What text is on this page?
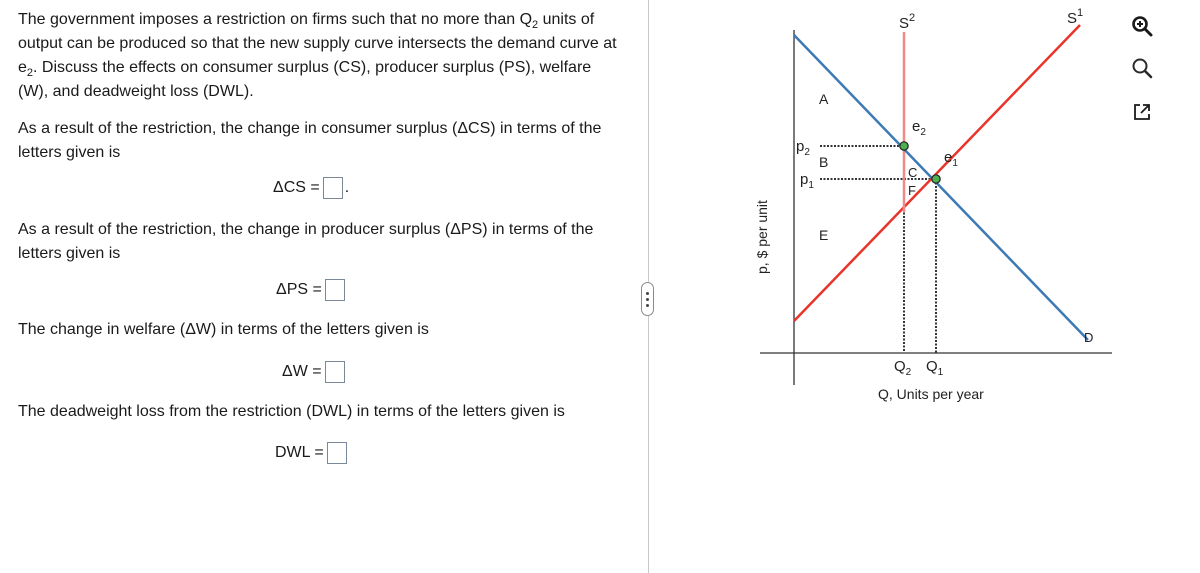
The government imposes a restriction on firms such that no more than $Q_2$ units of output can be produced so that the new supply curve intersects the demand curve at $e_2$. Discuss the effects on consumer surplus (CS), producer surplus (PS), welfare (W), and deadweight loss (DWL).

As a result of the restriction, the change in consumer surplus (ΔCS) in terms of the letters given is

ΔCS = .

As a result of the restriction, the change in producer surplus (ΔPS) in terms of the letters given is

ΔPS =

The change in welfare (ΔW) in terms of the letters given is

ΔW =

The deadweight loss from the restriction (DWL) in terms of the letters given is

DWL =
$S^2$	$S^1$
D
$e_2$
$e_1$
$p_2$
$p_1$
$Q_2$ $Q_1$
A
B
C
F
E
p, $ per unit
Q, Units per year
